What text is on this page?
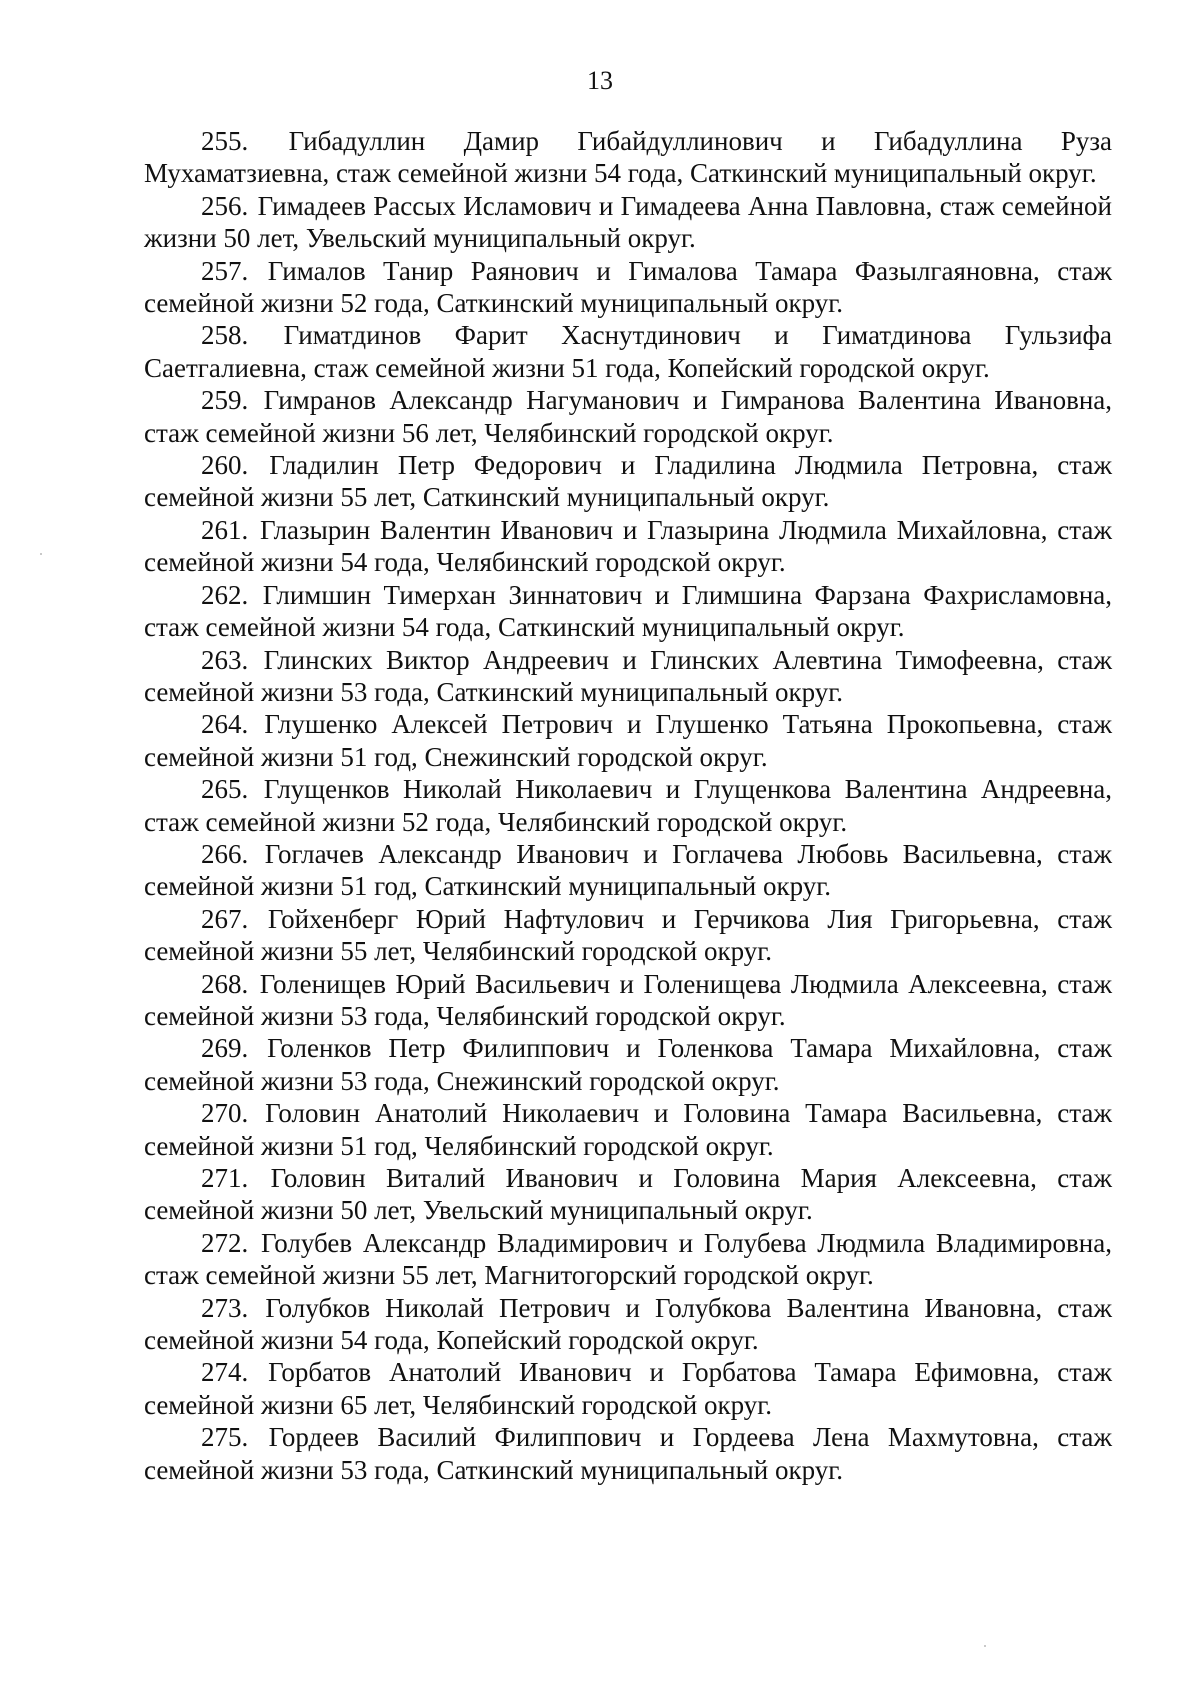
13
255. Гибадуллин Дамир Гибайдуллинович и Гибадуллина Руза Мухаматзиевна, стаж семейной жизни 54 года, Саткинский муниципальный округ.
256. Гимадеев Рассых Исламович и Гимадеева Анна Павловна, стаж семейной жизни 50 лет, Увельский муниципальный округ.
257. Гималов Танир Раянович и Гималова Тамара Фазылгаяновна, стаж семейной жизни 52 года, Саткинский муниципальный округ.
258. Гиматдинов Фарит Хаснутдинович и Гиматдинова Гульзифа Саетгалиевна, стаж семейной жизни 51 года, Копейский городской округ.
259. Гимранов Александр Нагуманович и Гимранова Валентина Ивановна, стаж семейной жизни 56 лет, Челябинский городской округ.
260. Гладилин Петр Федорович и Гладилина Людмила Петровна, стаж семейной жизни 55 лет, Саткинский муниципальный округ.
261. Глазырин Валентин Иванович и Глазырина Людмила Михайловна, стаж семейной жизни 54 года, Челябинский городской округ.
262. Глимшин Тимерхан Зиннатович и Глимшина Фарзана Фахрисламовна, стаж семейной жизни 54 года, Саткинский муниципальный округ.
263. Глинских Виктор Андреевич и Глинских Алевтина Тимофеевна, стаж семейной жизни 53 года, Саткинский муниципальный округ.
264. Глушенко Алексей Петрович и Глушенко Татьяна Прокопьевна, стаж семейной жизни 51 год, Снежинский городской округ.
265. Глущенков Николай Николаевич и Глущенкова Валентина Андреевна, стаж семейной жизни 52 года, Челябинский городской округ.
266. Гоглачев Александр Иванович и Гоглачева Любовь Васильевна, стаж семейной жизни 51 год, Саткинский муниципальный округ.
267. Гойхенберг Юрий Нафтулович и Герчикова Лия Григорьевна, стаж семейной жизни 55 лет, Челябинский городской округ.
268. Голенищев Юрий Васильевич и Голенищева Людмила Алексеевна, стаж семейной жизни 53 года, Челябинский городской округ.
269. Голенков Петр Филиппович и Голенкова Тамара Михайловна, стаж семейной жизни 53 года, Снежинский городской округ.
270. Головин Анатолий Николаевич и Головина Тамара Васильевна, стаж семейной жизни 51 год, Челябинский городской округ.
271. Головин Виталий Иванович и Головина Мария Алексеевна, стаж семейной жизни 50 лет, Увельский муниципальный округ.
272. Голубев Александр Владимирович и Голубева Людмила Владимировна, стаж семейной жизни 55 лет, Магнитогорский городской округ.
273. Голубков Николай Петрович и Голубкова Валентина Ивановна, стаж семейной жизни 54 года, Копейский городской округ.
274. Горбатов Анатолий Иванович и Горбатова Тамара Ефимовна, стаж семейной жизни 65 лет, Челябинский городской округ.
275. Гордеев Василий Филиппович и Гордеева Лена Махмутовна, стаж семейной жизни 53 года, Саткинский муниципальный округ.
